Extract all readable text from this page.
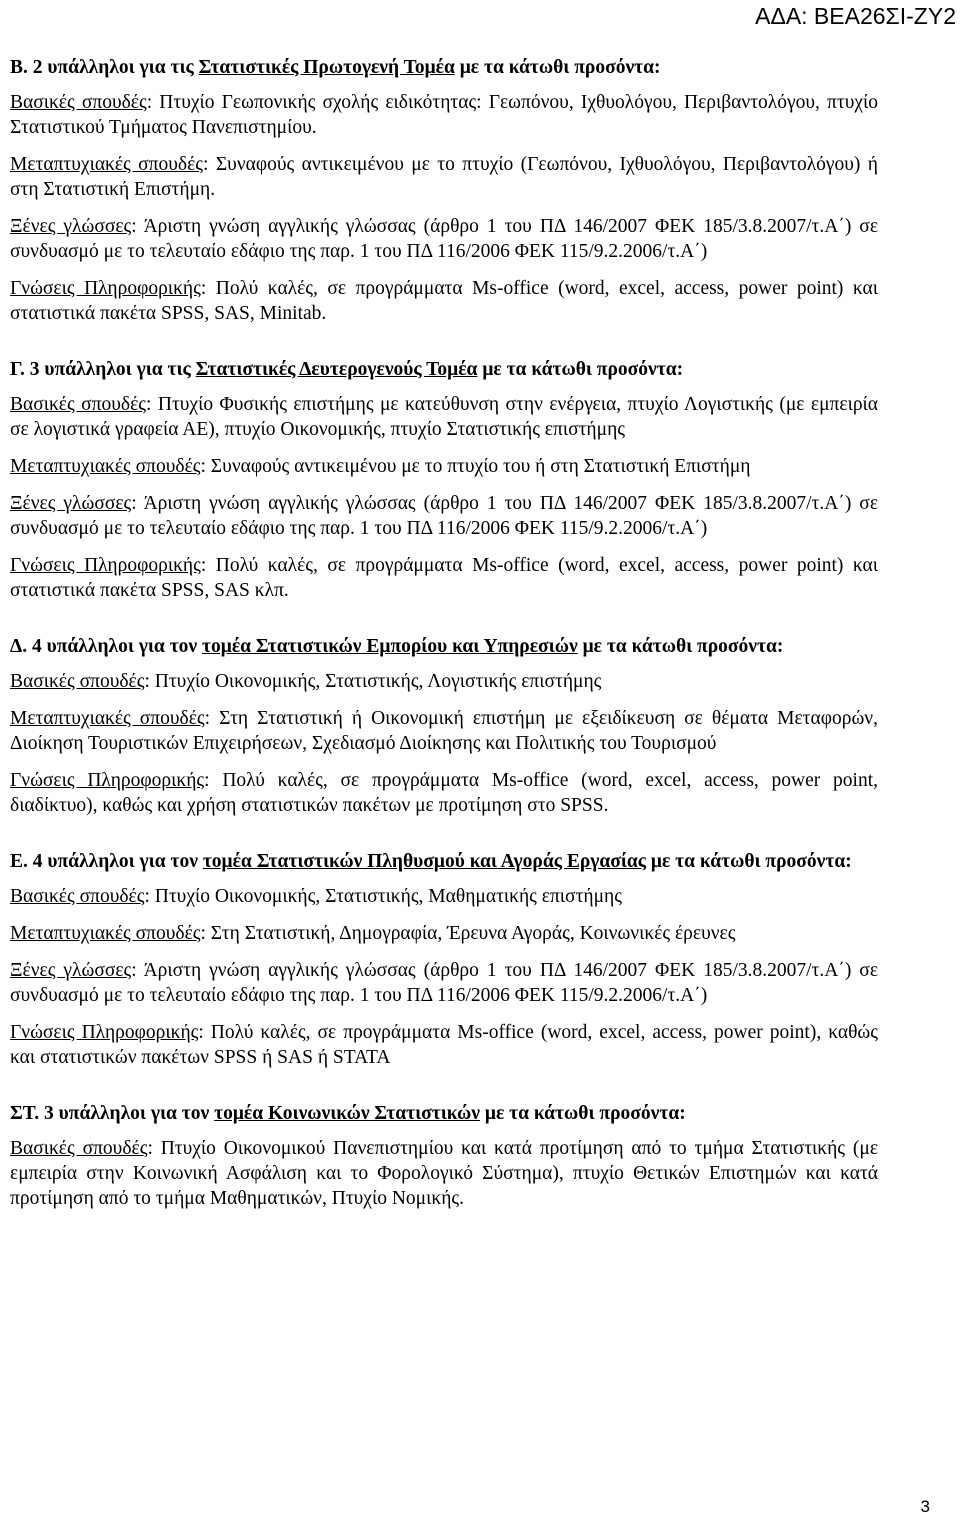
ΑΔΑ: ΒΕΑ26ΣΙ-ΖΥ2
Β. 2 υπάλληλοι για τις Στατιστικές Πρωτογενή Τομέα με τα κάτωθι προσόντα:
Βασικές σπουδές: Πτυχίο Γεωπονικής σχολής ειδικότητας: Γεωπόνου, Ιχθυολόγου, Περιβαντολόγου, πτυχίο Στατιστικού Τμήματος Πανεπιστημίου.
Μεταπτυχιακές σπουδές: Συναφούς αντικειμένου με το πτυχίο (Γεωπόνου, Ιχθυολόγου, Περιβαντολόγου) ή στη Στατιστική Επιστήμη.
Ξένες γλώσσες: Άριστη γνώση αγγλικής γλώσσας (άρθρο 1 του ΠΔ 146/2007 ΦΕΚ 185/3.8.2007/τ.Α΄) σε συνδυασμό με το τελευταίο εδάφιο της παρ. 1 του ΠΔ 116/2006 ΦΕΚ 115/9.2.2006/τ.Α΄)
Γνώσεις Πληροφορικής: Πολύ καλές, σε προγράμματα Ms-office (word, excel, access, power point) και στατιστικά πακέτα SPSS, SAS, Minitab.
Γ. 3 υπάλληλοι για τις Στατιστικές Δευτερογενούς Τομέα με τα κάτωθι προσόντα:
Βασικές σπουδές: Πτυχίο Φυσικής επιστήμης με κατεύθυνση στην ενέργεια, πτυχίο Λογιστικής (με εμπειρία σε λογιστικά γραφεία ΑΕ), πτυχίο Οικονομικής, πτυχίο Στατιστικής επιστήμης
Μεταπτυχιακές σπουδές: Συναφούς αντικειμένου με το πτυχίο του ή στη Στατιστική Επιστήμη
Ξένες γλώσσες: Άριστη γνώση αγγλικής γλώσσας (άρθρο 1 του ΠΔ 146/2007 ΦΕΚ 185/3.8.2007/τ.Α΄) σε συνδυασμό με το τελευταίο εδάφιο της παρ. 1 του ΠΔ 116/2006 ΦΕΚ 115/9.2.2006/τ.Α΄)
Γνώσεις Πληροφορικής: Πολύ καλές, σε προγράμματα Ms-office (word, excel, access, power point) και στατιστικά πακέτα SPSS, SAS κλπ.
Δ. 4 υπάλληλοι για τον τομέα Στατιστικών Εμπορίου και Υπηρεσιών με τα κάτωθι προσόντα:
Βασικές σπουδές: Πτυχίο Οικονομικής, Στατιστικής, Λογιστικής επιστήμης
Μεταπτυχιακές σπουδές: Στη Στατιστική ή Οικονομική επιστήμη με εξειδίκευση σε θέματα Μεταφορών, Διοίκηση Τουριστικών Επιχειρήσεων, Σχεδιασμό Διοίκησης και Πολιτικής του Τουρισμού
Γνώσεις Πληροφορικής: Πολύ καλές, σε προγράμματα Ms-office (word, excel, access, power point, διαδίκτυο), καθώς και χρήση στατιστικών πακέτων με προτίμηση στο SPSS.
Ε. 4 υπάλληλοι για τον τομέα Στατιστικών Πληθυσμού και Αγοράς Εργασίας με τα κάτωθι προσόντα:
Βασικές σπουδές: Πτυχίο Οικονομικής, Στατιστικής, Μαθηματικής επιστήμης
Μεταπτυχιακές σπουδές: Στη Στατιστική, Δημογραφία, Έρευνα Αγοράς, Κοινωνικές έρευνες
Ξένες γλώσσες: Άριστη γνώση αγγλικής γλώσσας (άρθρο 1 του ΠΔ 146/2007 ΦΕΚ 185/3.8.2007/τ.Α΄) σε συνδυασμό με το τελευταίο εδάφιο της παρ. 1 του ΠΔ 116/2006 ΦΕΚ 115/9.2.2006/τ.Α΄)
Γνώσεις Πληροφορικής: Πολύ καλές, σε προγράμματα Ms-office (word, excel, access, power point), καθώς και στατιστικών πακέτων SPSS ή SAS ή STATA
ΣΤ. 3 υπάλληλοι για τον τομέα Κοινωνικών Στατιστικών με τα κάτωθι προσόντα:
Βασικές σπουδές: Πτυχίο Οικονομικού Πανεπιστημίου και κατά προτίμηση από το τμήμα Στατιστικής (με εμπειρία στην Κοινωνική Ασφάλιση και το Φορολογικό Σύστημα), πτυχίο Θετικών Επιστημών και κατά προτίμηση από το τμήμα Μαθηματικών, Πτυχίο Νομικής.
3
